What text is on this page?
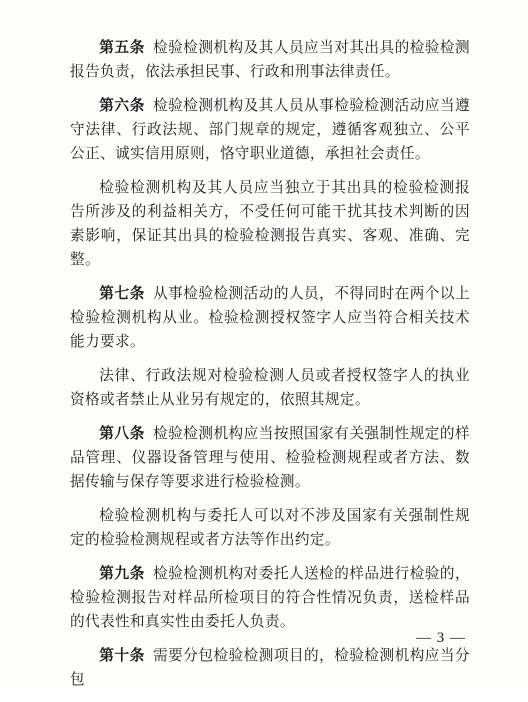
第五条 检验检测机构及其人员应当对其出具的检验检测报告负责，依法承担民事、行政和刑事法律责任。

第六条 检验检测机构及其人员从事检验检测活动应当遵守法律、行政法规、部门规章的规定，遵循客观独立、公平公正、诚实信用原则，恪守职业道德，承担社会责任。

检验检测机构及其人员应当独立于其出具的检验检测报告所涉及的利益相关方，不受任何可能干扰其技术判断的因素影响，保证其出具的检验检测报告真实、客观、准确、完整。

第七条 从事检验检测活动的人员，不得同时在两个以上检验检测机构从业。检验检测授权签字人应当符合相关技术能力要求。

法律、行政法规对检验检测人员或者授权签字人的执业资格或者禁止从业另有规定的，依照其规定。

第八条 检验检测机构应当按照国家有关强制性规定的样品管理、仪器设备管理与使用、检验检测规程或者方法、数据传输与保存等要求进行检验检测。

检验检测机构与委托人可以对不涉及国家有关强制性规定的检验检测规程或者方法等作出约定。

第九条 检验检测机构对委托人送检的样品进行检验的，检验检测报告对样品所检项目的符合性情况负责，送检样品的代表性和真实性由委托人负责。

第十条 需要分包检验检测项目的，检验检测机构应当分包

— 3 —
